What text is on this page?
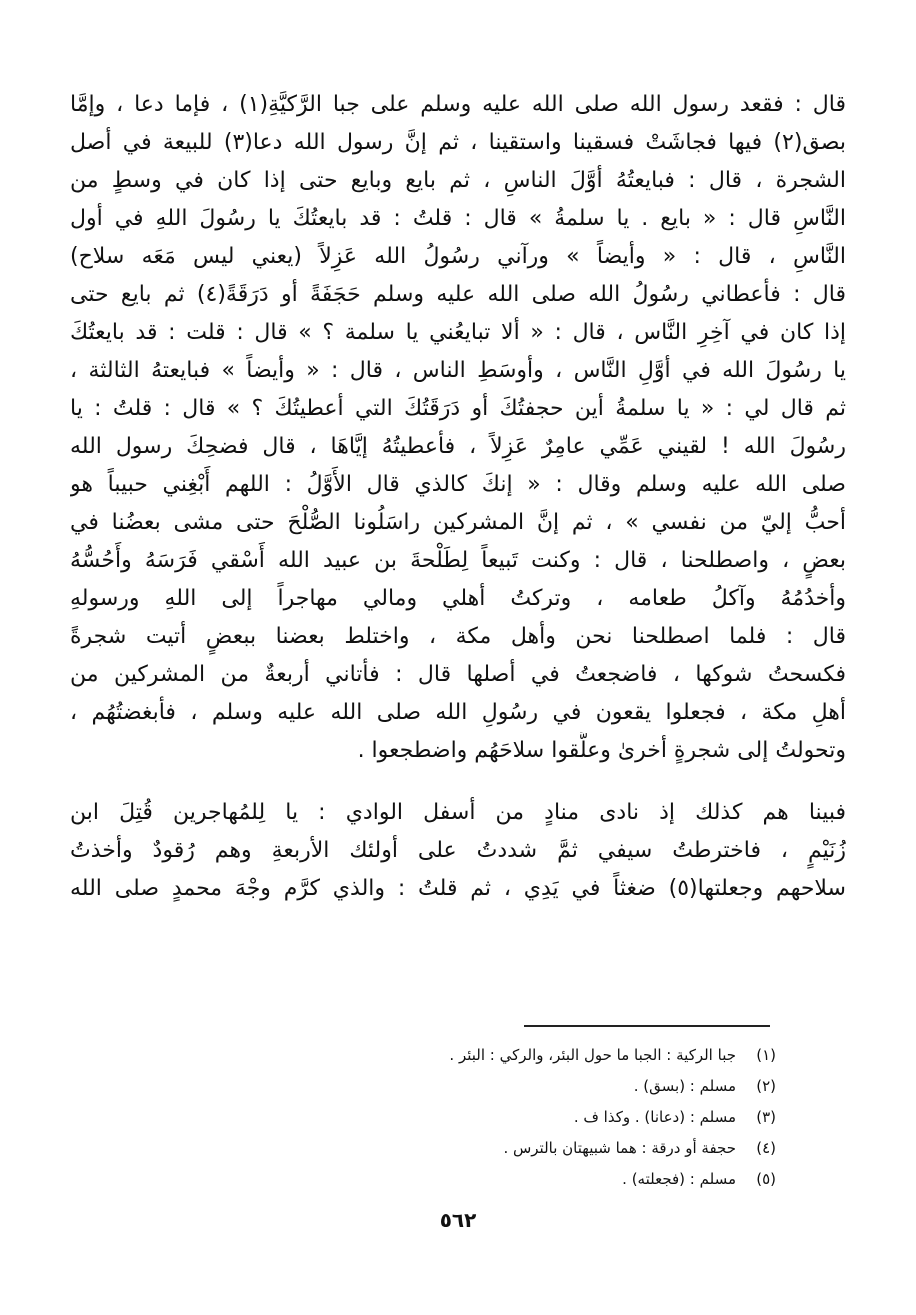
قال : فقعد رسول الله صلى الله عليه وسلم على جبا الرَّكيَّةِ(١) ، فإما دعا ، وإمَّا
بصق(٢) فيها فجاشَتْ فسقينا واستقينا ، ثم إنَّ رسول الله دعا(٣) للبيعة في أصل
الشجرة ، قال : فبايعتُهُ أوَّلَ الناسِ ، ثم بايع وبايع حتى إذا كان في وسطٍ من
النَّاسِ قال : « بايع . يا سلمةُ » قال : قلتُ : قد بايعتُكَ يا رسُولَ اللهِ في أول
النَّاسِ ، قال : « وأيضاً » ورآني رسُولُ الله عَزِلاً (يعني ليس مَعَه سلاح)
قال : فأعطاني رسُولُ الله صلى الله عليه وسلم حَجَفَةً أو دَرَقَةً(٤) ثم بايع حتى
إذا كان في آخِرِ النَّاس ، قال : « ألا تبايعُني يا سلمة ؟ » قال : قلت : قد بايعتُكَ
يا رسُولَ الله في أوَّلِ النَّاس ، وأوسَطِ الناس ، قال : « وأيضاً » فبايعتهُ الثالثة ،
ثم قال لي : « يا سلمةُ أين حجفتُكَ أو دَرَقَتُكَ التي أعطيتُكَ ؟ » قال : قلتُ : يا
رسُولَ الله ! لقيني عَمِّي عامِرٌ عَزِلاً ، فأعطيتُهُ إيَّاهَا ، قال فضحِكَ رسول الله
صلى الله عليه وسلم وقال : « إنكَ كالذي قال الأَوَّلُ : اللهم أَبْغِني حبيباً هو
أحبُّ إليّ من نفسي » ، ثم إنَّ المشركين راسَلُونا الصُّلْحَ حتى مشى بعضُنا في
بعضٍ ، واصطلحنا ، قال : وكنت تَبيعاً لِطَلْحةَ بن عبيد الله أَسْقي فَرَسَهُ وأَحُسُّهُ
وأخدُمُهُ وآكلُ طعامه ، وتركتُ أهلي ومالي مهاجراً إلى اللهِ ورسولهِ
قال : فلما اصطلحنا نحن وأهل مكة ، واختلط بعضنا ببعضٍ أتيت شجرةً
فكسحتُ شوكها ، فاضجعتُ في أصلها قال : فأتاني أربعةٌ من المشركين من
أهلِ مكة ، فجعلوا يقعون في رسُولِ الله صلى الله عليه وسلم ، فأبغضتُهُم ،
وتحولتُ إلى شجرةٍ أخرىٰ وعلَّقوا سلاحَهُم واضطجعوا .
فبينا هم كذلك إذ نادى منادٍ من أسفل الوادي : يا لِلمُهاجرين قُتِلَ ابن
زُنَيْمٍ ، فاخترطتُ سيفي ثمَّ شددتُ على أولئك الأربعةِ وهم رُقودٌ وأخذتُ
سلاحهم وجعلتها(٥) ضغثاً في يَدِي ، ثم قلتُ : والذي كرَّم وجْهَ محمدٍ صلى الله
(١)
جبا الركية : الجبا ما حول البئر، والركي : البئر .
(٢)
مسلم : (بسق) .
(٣)
مسلم : (دعانا) . وكذا ف .
(٤)
حجفة أو درقة : هما شبيهتان بالترس .
(٥)
مسلم : (فجعلته) .
٥٦٢
